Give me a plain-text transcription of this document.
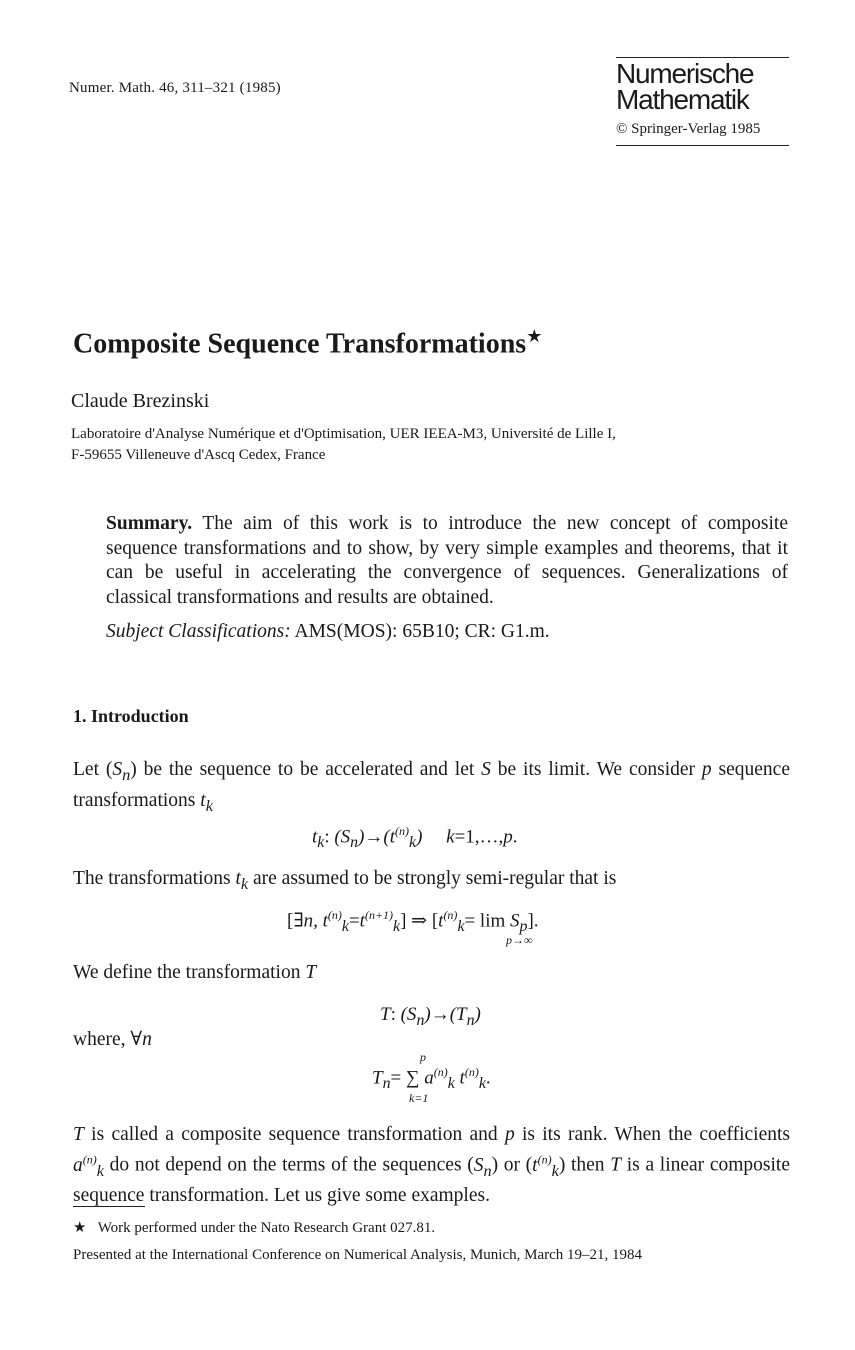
Numer. Math. 46, 311–321 (1985)	Numerische
Mathematik
© Springer-Verlag 1985
Composite Sequence Transformations★
Claude Brezinski
Laboratoire d'Analyse Numérique et d'Optimisation, UER IEEA-M3, Université de Lille I,
F-59655 Villeneuve d'Ascq Cedex, France
Summary. The aim of this work is to introduce the new concept of composite sequence transformations and to show, by very simple examples and theorems, that it can be useful in accelerating the convergence of sequences. Generalizations of classical transformations and results are obtained.
Subject Classifications: AMS(MOS): 65B10; CR: G1.m.
1. Introduction
Let $(S_n)$ be the sequence to be accelerated and let S be its limit. We consider p sequence transformations $t_k$
$t_k$: $(S_n)\to(t^{(n)}_k)$     k=1,…,p.
The transformations $t_k$ are assumed to be strongly semi-regular that is
[∃n, $t^{(n)}_k=t^{(n+1)}_k$] ⇒ $[t^{(n)}_k= \lim S_p]$.
p→∞
We define the transformation T
T: $(S_n)\to(T_n)$
where, ∀n
p
$T_n=$ ∑ $a^{(n)}_k$ $t^{(n)}_k$.
k=1
T is called a composite sequence transformation and p is its rank. When the coefficients $a^{(n)}_k$ do not depend on the terms of the sequences $(S_n)$ or $(t^{(n)}_k)$ then T is a linear composite sequence transformation. Let us give some examples.
★ Work performed under the Nato Research Grant 027.81.
Presented at the International Conference on Numerical Analysis, Munich, March 19–21, 1984
